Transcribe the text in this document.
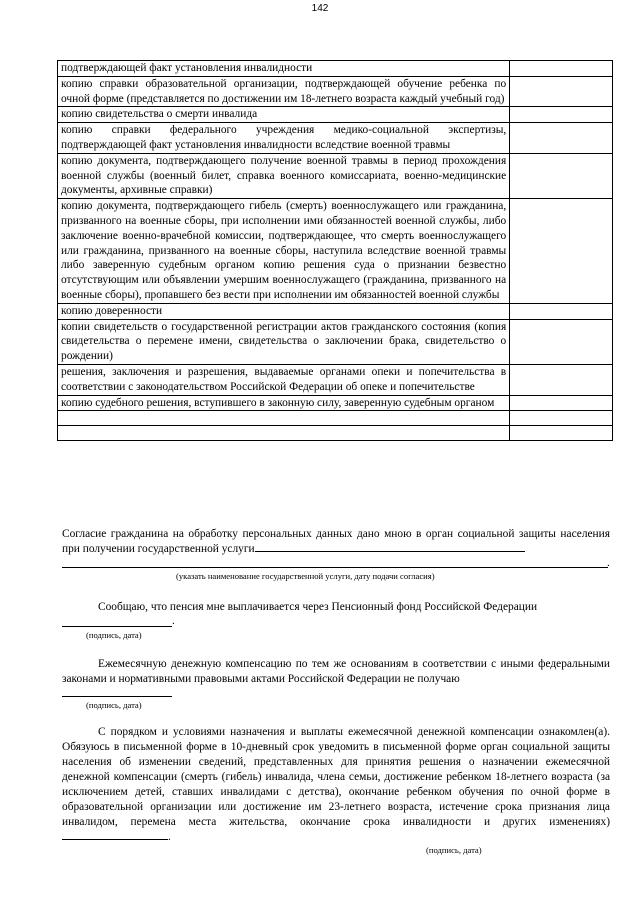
142
подтверждающей факт установления инвалидности	
копию справки образовательной организации, подтверждающей обучение ребенка по очной форме (представляется по достижении им 18-летнего возраста каждый учебный год)	
копию свидетельства о смерти инвалида	
копию справки федерального учреждения медико-социальной экспертизы, подтверждающей факт установления инвалидности вследствие военной травмы	
копию документа, подтверждающего получение военной травмы в период прохождения военной службы (военный билет, справка военного комиссариата, военно-медицинские документы, архивные справки)	
копию документа, подтверждающего гибель (смерть) военнослужащего или гражданина, призванного на военные сборы, при исполнении ими обязанностей военной службы, либо заключение военно-врачебной комиссии, подтверждающее, что смерть военнослужащего или гражданина, призванного на военные сборы, наступила вследствие военной травмы либо заверенную судебным органом копию решения суда о признании безвестно отсутствующим или объявлении умершим военнослужащего (гражданина, призванного на военные сборы), пропавшего без вести при исполнении им обязанностей военной службы	
копию доверенности	
копии свидетельств о государственной регистрации актов гражданского состояния (копия свидетельства о перемене имени, свидетельства о заключении брака, свидетельство о рождении)	
решения, заключения и разрешения, выдаваемые органами опеки и попечительства в соответствии с законодательством Российской Федерации об опеке и попечительстве	
копию судебного решения, вступившего в законную силу, заверенную судебным органом	

Согласие гражданина на обработку персональных данных дано мною в орган социальной защиты населения при получении государственной услуги
.
(указать наименование государственной услуги, дату подачи согласия)
Сообщаю, что пенсия мне выплачивается через Пенсионный фонд Российской Федерации
.
(подпись, дата)
Ежемесячную денежную компенсацию по тем же основаниям в соответствии с иными федеральными законами и нормативными правовыми актами Российской Федерации не получаю
(подпись, дата)
С порядком и условиями назначения и выплаты ежемесячной денежной компенсации ознакомлен(а). Обязуюсь в письменной форме в 10-дневный срок уведомить в письменной форме орган социальной защиты населения об изменении сведений, представленных для принятия решения о назначении ежемесячной денежной компенсации (смерть (гибель) инвалида, члена семьи, достижение ребенком 18-летнего возраста (за исключением детей, ставших инвалидами с детства), окончание ребенком обучения по очной форме в образовательной организации или достижение им 23-летнего возраста, истечение срока признания лица инвалидом, перемена места жительства, окончание срока инвалидности и других изменениях) .
(подпись, дата)
